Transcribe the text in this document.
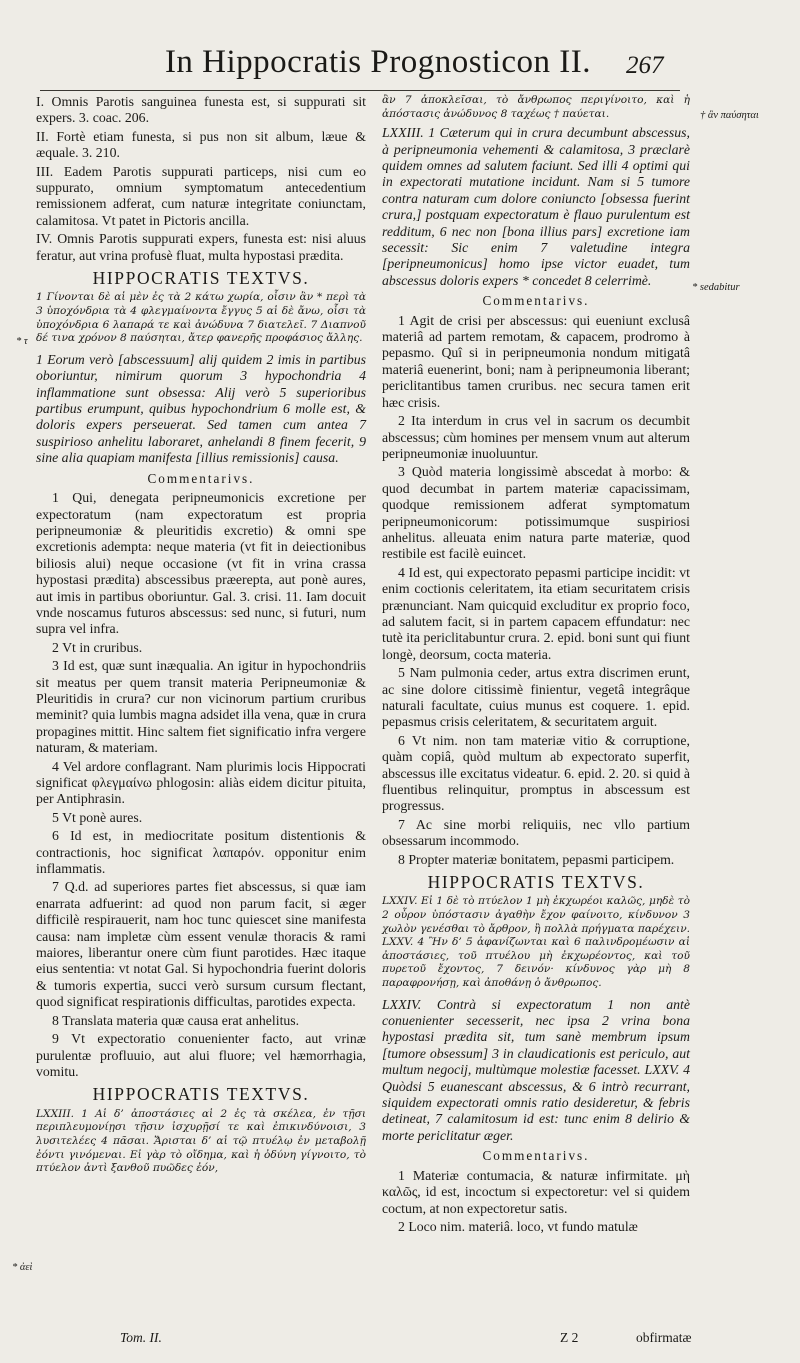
In Hippocratis Prognosticon II. 267
* τ
† ἂν παύσηται
* sedabitur
* ἀεὶ

I. Omnis Parotis sanguinea funesta est, si suppurati sit expers. 3. coac. 206.

II. Fortè etiam funesta, si pus non sit album, læue & æquale. 3. 210.

III. Eadem Parotis suppurati particeps, nisi cum eo suppurato, omnium symptomatum antecedentium remissionem adferat, cum naturæ integritate coniunctam, calamitosa. Vt patet in Pictoris ancilla.

IV. Omnis Parotis suppurati expers, funesta est: nisi aluus feratur, aut vrina profusè fluat, multa hypostasi prædita.

HIPPOCRATIS TEXTVS.

1 Γίνονται δὲ αἱ μὲν ἐς τὰ 2 κάτω χωρία, οἷσιν ἂν * περὶ τὰ 3 ὑποχόνδρια τὰ 4 φλεγμαίνοντα ἔγγυς 5 αἱ δὲ ἄνω, οἷσι τὰ ὑποχόνδρια 6 λαπαρά τε καὶ ἀνώδυνα 7 διατελεῖ. 7 Διαπνοῦ δέ τινα χρόνον 8 παύσηται, ἄτερ φανερῆς προφάσιος ἄλλης.

1 Eorum verò [abscessuum] alij quidem 2 imis in partibus oboriuntur, nimirum quorum 3 hypochondria 4 inflammatione sunt obsessa: Alij verò 5 superioribus partibus erumpunt, quibus hypochondrium 6 molle est, & doloris expers perseuerat. Sed tamen cum antea 7 suspirioso anhelitu laboraret, anhelandi 8 finem fecerit, 9 sine alia quapiam manifesta [illius remissionis] causa.

Commentarivs.

1 Qui, denegata peripneumonicis excretione per expectoratum (nam expectoratum est propria peripneumoniæ & pleuritidis excretio) & omni spe excretionis adempta: neque materia (vt fit in deiectionibus biliosis alui) neque occasione (vt fit in vrina crassa hypostasi prædita) abscessibus præerepta, aut ponè aures, aut imis in partibus oboriuntur. Gal. 3. crisi. 11. Iam docuit vnde noscamus futuros abscessus: sed nunc, si futuri, num supra vel infra.

2 Vt in cruribus.

3 Id est, quæ sunt inæqualia. An igitur in hypochondriis sit meatus per quem transit materia Peripneumoniæ & Pleuritidis in crura? cur non vicinorum partium cruribus meminit? quia lumbis magna adsidet illa vena, quæ in crura propagines mittit. Hinc saltem fiet significatio infra vergere naturam, & materiam.

4 Vel ardore conflagrant. Nam plurimis locis Hippocrati significat φλεγμαίνω phlogosin: aliàs eidem dicitur pituita, per Antiphrasin.

5 Vt ponè aures.

6 Id est, in mediocritate positum distentionis & contractionis, hoc significat λαπαρόν. opponitur enim inflammatis.

7 Q.d. ad superiores partes fiet abscessus, si quæ iam enarrata adfuerint: ad quod non parum facit, si æger difficilè respirauerit, nam hoc tunc quiescet sine manifesta causa: nam impletæ cùm essent venulæ thoracis & rami maiores, liberantur onere cùm fiunt parotides. Hæc itaque eius sententia: vt notat Gal. Si hypochondria fuerint doloris & tumoris expertia, succi verò sursum cursum flectant, quod significat respirationis difficultas, parotides expecta.

8 Translata materia quæ causa erat anhelitus.

9 Vt expectoratio conuenienter facto, aut vrinæ purulentæ profluuio, aut alui fluore; vel hæmorrhagia, vomitu.

HIPPOCRATIS TEXTVS.

LXXIII. 1 Αἱ δ’ ἀποστάσιες αἱ 2 ἐς τὰ σκέλεα, ἐν τῇσι περιπλευμονίῃσι τῇσιν ἰσχυρῇσί τε καὶ ἐπικινδύνοισι, 3 λυσιτελέες 4 πᾶσαι. Ἄρισται δ’ αἱ τῷ πτυέλῳ ἐν μεταβολῇ ἐόντι γινόμεναι. Εἰ γὰρ τὸ οἴδημα, καὶ ἡ ὀδύνη γίγνοιτο, τὸ πτύελον ἀντὶ ξανθοῦ πυῶδες ἐόν,

ἂν 7 ἀποκλεῖσαι, τὸ ἄνθρωπος περιγίνοιτο, καὶ ἡ ἀπόστασις ἀνώδυνος 8 ταχέως † παύεται.

LXXIII. 1 Cæterum qui in crura decumbunt abscessus, à peripneumonia vehementi & calamitosa, 3 præclarè quidem omnes ad salutem faciunt. Sed illi 4 optimi qui in expectorati mutatione incidunt. Nam si 5 tumore contra naturam cum dolore coniuncto [obsessa fuerint crura,] postquam expectoratum è flauo purulentum est redditum, 6 nec non [bona illius pars] excretione iam secessit: Sic enim 7 valetudine integra [peripneumonicus] homo ipse victor euadet, tum abscessus doloris expers * concedet 8 celerrimè.

Commentarivs.

1 Agit de crisi per abscessus: qui eueniunt exclusâ materiâ ad partem remotam, & capacem, prodromo à pepasmo. Quî si in peripneumonia nondum mitigatâ materiâ euenerint, boni; nam à peripneumonia liberant; periclitantibus tamen cruribus. nec secura tamen erit hæc crisis.

2 Ita interdum in crus vel in sacrum os decumbit abscessus; cùm homines per mensem vnum aut alterum peripneumoniæ inuoluuntur.

3 Quòd materia longissimè abscedat à morbo: & quod decumbat in partem materiæ capacissimam, quodque remissionem adferat symptomatum peripneumonicorum: potissimumque suspiriosi anhelitus. alleuata enim natura parte materiæ, quod restibile est facilè euincet.

4 Id est, qui expectorato pepasmi participe incidit: vt enim coctionis celeritatem, ita etiam securitatem crisis prænunciant. Nam quicquid excluditur ex proprio foco, ad salutem facit, si in partem capacem effundatur: nec tutè ita periclitabuntur crura. 2. epid. boni sunt qui fiunt longè, deorsum, cocta materia.

5 Nam pulmonia ceder, artus extra discrimen erunt, ac sine dolore citissimè finientur, vegetâ integrâque naturali facultate, cuius munus est coquere. 1. epid. pepasmus crisis celeritatem, & securitatem arguit.

6 Vt nim. non tam materiæ vitio & corruptione, quàm copiâ, quòd multum ab expectorato superfit, abscessus ille excitatus videatur. 6. epid. 2. 20. si quid à fluentibus relinquitur, promptus in abscessum est progressus.

7 Ac sine morbi reliquiis, nec vllo partium obsessarum incommodo.

8 Propter materiæ bonitatem, pepasmi participem.

HIPPOCRATIS TEXTVS.

LXXIV. Εἰ 1 δὲ τὸ πτύελον 1 μὴ ἐκχωρέοι καλῶς, μηδὲ τὸ 2 οὖρον ὑπόστασιν ἀγαθὴν ἔχον φαίνοιτο, κίνδυνον 3 χωλὸν γενέσθαι τὸ ἄρθρον, ἢ πολλὰ πρήγματα παρέχειν. LXXV. 4 Ἢν δ’ 5 ἀφανίζωνται καὶ 6 παλινδρομέωσιν αἱ ἀποστάσιες, τοῦ πτυέλου μὴ ἐκχωρέοντος, καὶ τοῦ πυρετοῦ ἔχοντος, 7 δεινόν· κίνδυνος γὰρ μὴ 8 παραφρονήσῃ, καὶ ἀποθάνῃ ὁ ἄνθρωπος.

LXXIV. Contrà si expectoratum 1 non antè conuenienter secesserit, nec ipsa 2 vrina bona hypostasi prædita sit, tum sanè membrum ipsum [tumore obsessum] 3 in claudicationis est periculo, aut multum negocij, multùmque molestiæ facesset. LXXV. 4 Quòdsi 5 euanescant abscessus, & 6 intrò recurrant, siquidem expectorati omnis ratio desideretur, & febris detineat, 7 calamitosum id est: tunc enim 8 delirio & morte periclitatur æger.

Commentarivs.

1 Materiæ contumacia, & naturæ infirmitate. μὴ καλῶς, id est, incoctum si expectoretur: vel si quidem coctum, at non expectoretur satis.

2 Loco nim. materiâ. loco, vt fundo matulæ

Tom. II.	Z 2	obfirmatæ
